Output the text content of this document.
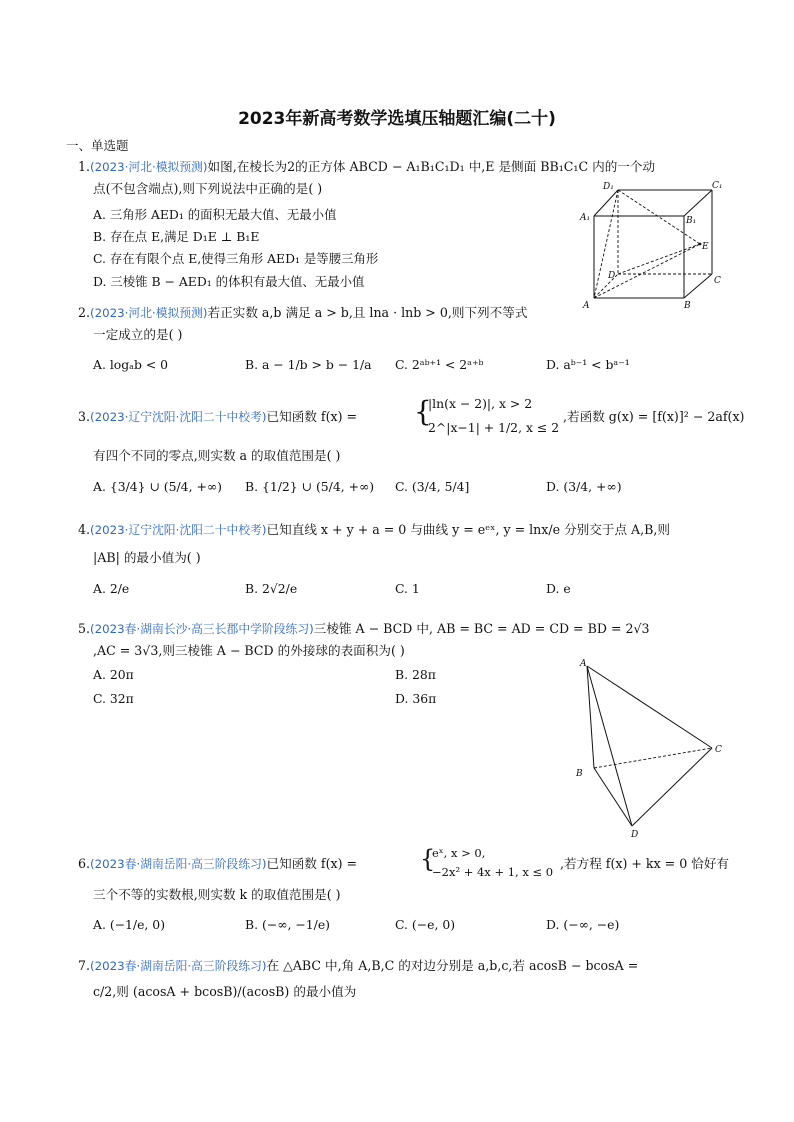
2023年新高考数学选填压轴题汇编(二十)
一、单选题
1.(2023·河北·模拟预测)如图,在棱长为2的正方体 ABCD − A₁B₁C₁D₁ 中,E 是侧面 BB₁C₁C 内的一个动
点(不包含端点),则下列说法中正确的是( )
A. 三角形 AED₁ 的面积无最大值、无最小值
B. 存在点 E,满足 D₁E ⊥ B₁E
C. 存在有限个点 E,使得三角形 AED₁ 是等腰三角形
D. 三棱锥 B − AED₁ 的体积有最大值、无最小值
D₁	C₁
A₁	B₁
E
D	C
A	B
2.(2023·河北·模拟预测)若正实数 a,b 满足 a > b,且 lna · lnb > 0,则下列不等式
一定成立的是( )
A. logₐb < 0	B. a − 1/b > b − 1/a C. 2ᵃᵇ⁺¹ < 2ᵃ⁺ᵇ	D. aᵇ⁻¹ < bᵃ⁻¹
3.(2023·辽宁沈阳·沈阳二十中校考)已知函数 f(x) = {
|ln(x − 2)|, x > 2
2^|x−1| + 1/2, x ≤ 2
,若函数 g(x) = [f(x)]² − 2af(x)
有四个不同的零点,则实数 a 的取值范围是( )
A. {3/4} ∪ (5/4, +∞) B. {1/2} ∪ (5/4, +∞) C. (3/4, 5/4]	D. (3/4, +∞)
4.(2023·辽宁沈阳·沈阳二十中校考)已知直线 x + y + a = 0 与曲线 y = eᵉˣ, y = lnx/e 分别交于点 A,B,则
|AB| 的最小值为( )
A. 2/e	B. 2√2/e	C. 1	D. e
5.(2023春·湖南长沙·高三长郡中学阶段练习)三棱锥 A − BCD 中, AB = BC = AD = CD = BD = 2√3
,AC = 3√3,则三棱锥 A − BCD 的外接球的表面积为( )
A. 20π	B. 28π
C. 32π	D. 36π
A
B
C
D
6.(2023春·湖南岳阳·高三阶段练习)已知函数 f(x) =	{
eˣ, x > 0,
−2x² + 4x + 1, x ≤ 0
,若方程 f(x) + kx = 0 恰好有
三个不等的实数根,则实数 k 的取值范围是( )
A. (−1/e, 0)	B. (−∞, −1/e)	C. (−e, 0)	D. (−∞, −e)
7.(2023春·湖南岳阳·高三阶段练习)在 △ABC 中,角 A,B,C 的对边分别是 a,b,c,若 acosB − bcosA =
c/2,则 (acosA + bcosB)/(acosB) 的最小值为
